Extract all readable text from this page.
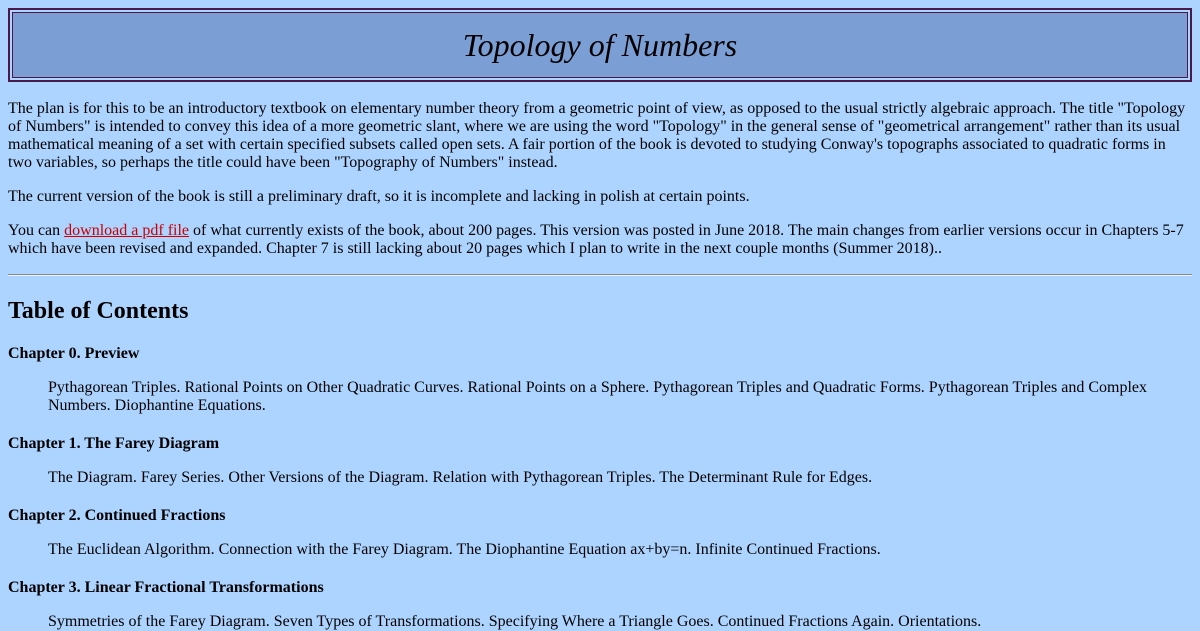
Topology of Numbers

The plan is for this to be an introductory textbook on elementary number theory from a geometric point of view, as opposed to the usual strictly algebraic approach. The title "Topology of Numbers" is intended to convey this idea of a more geometric slant, where we are using the word "Topology" in the general sense of "geometrical arrangement" rather than its usual mathematical meaning of a set with certain specified subsets called open sets. A fair portion of the book is devoted to studying Conway's topographs associated to quadratic forms in two variables, so perhaps the title could have been "Topography of Numbers" instead.

The current version of the book is still a preliminary draft, so it is incomplete and lacking in polish at certain points.

You can download a pdf file of what currently exists of the book, about 200 pages. This version was posted in June 2018. The main changes from earlier versions occur in Chapters 5-7 which have been revised and expanded. Chapter 7 is still lacking about 20 pages which I plan to write in the next couple months (Summer 2018)..

Table of Contents

Chapter 0. Preview

Pythagorean Triples. Rational Points on Other Quadratic Curves. Rational Points on a Sphere. Pythagorean Triples and Quadratic Forms. Pythagorean Triples and Complex Numbers. Diophantine Equations.

Chapter 1. The Farey Diagram

The Diagram. Farey Series. Other Versions of the Diagram. Relation with Pythagorean Triples. The Determinant Rule for Edges.

Chapter 2. Continued Fractions

The Euclidean Algorithm. Connection with the Farey Diagram. The Diophantine Equation ax+by=n. Infinite Continued Fractions.

Chapter 3. Linear Fractional Transformations

Symmetries of the Farey Diagram. Seven Types of Transformations. Specifying Where a Triangle Goes. Continued Fractions Again. Orientations.
